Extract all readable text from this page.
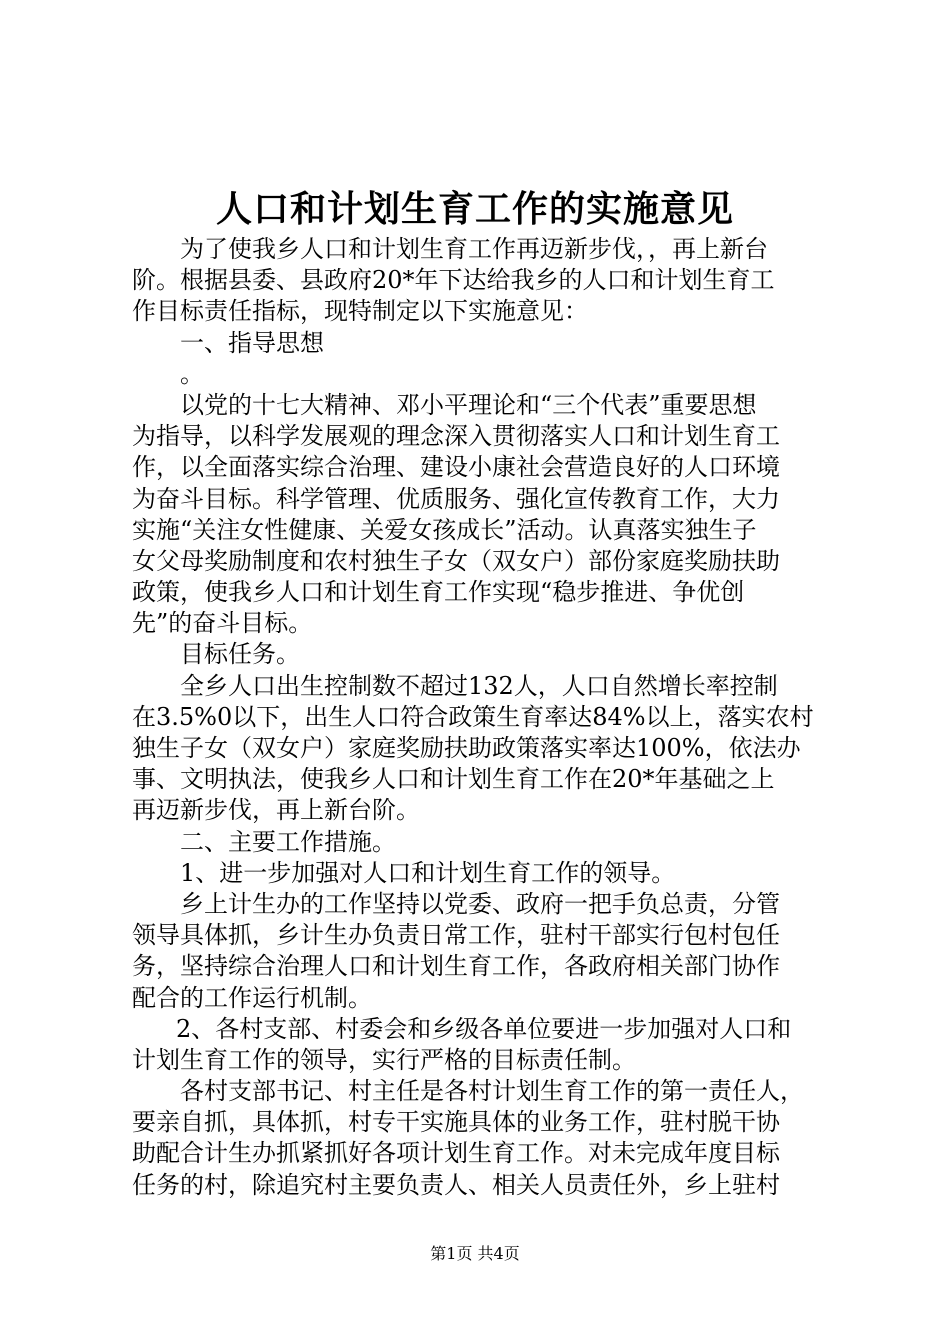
人口和计划生育工作的实施意见
为了使我乡人口和计划生育工作再迈新步伐，，再上新台
阶。根据县委、县政府20*年下达给我乡的人口和计划生育工
作目标责任指标，现特制定以下实施意见：
一、指导思想
。
以党的十七大精神、邓小平理论和“三个代表”重要思想
为指导，以科学发展观的理念深入贯彻落实人口和计划生育工
作，以全面落实综合治理、建设小康社会营造良好的人口环境
为奋斗目标。科学管理、优质服务、强化宣传教育工作，大力
实施“关注女性健康、关爱女孩成长”活动。认真落实独生子
女父母奖励制度和农村独生子女（双女户）部份家庭奖励扶助
政策，使我乡人口和计划生育工作实现“稳步推进、争优创
先”的奋斗目标。
目标任务。
全乡人口出生控制数不超过132人，人口自然增长率控制
在3.5%0以下，出生人口符合政策生育率达84%以上，落实农村
独生子女（双女户）家庭奖励扶助政策落实率达100%，依法办
事、文明执法，使我乡人口和计划生育工作在20*年基础之上
再迈新步伐，再上新台阶。
二、主要工作措施。
1、进一步加强对人口和计划生育工作的领导。
乡上计生办的工作坚持以党委、政府一把手负总责，分管
领导具体抓，乡计生办负责日常工作，驻村干部实行包村包任
务，坚持综合治理人口和计划生育工作，各政府相关部门协作
配合的工作运行机制。
2、各村支部、村委会和乡级各单位要进一步加强对人口和
计划生育工作的领导，实行严格的目标责任制。
各村支部书记、村主任是各村计划生育工作的第一责任人，
要亲自抓，具体抓，村专干实施具体的业务工作，驻村脱干协
助配合计生办抓紧抓好各项计划生育工作。对未完成年度目标
任务的村，除追究村主要负责人、相关人员责任外，乡上驻村
第1页 共4页
